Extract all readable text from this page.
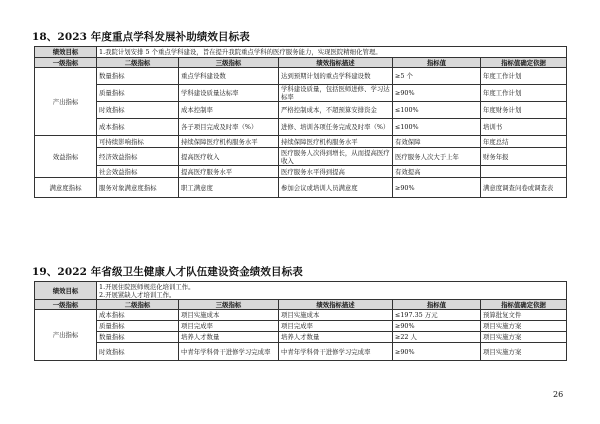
18、2023 年度重点学科发展补助绩效目标表
绩效目标	1.我院计划安排 5 个重点学科建设，旨在提升我院重点学科的医疗服务能力，实现医院精细化管理。				
一级指标	二级指标	三级指标	绩效指标描述	指标值	指标值确定依据
产出指标	数量指标	重点学科建设数	达到预期计划的重点学科建设数	≥5 个	年度工作计划
	质量指标	学科建设质量达标率	学科建设质量，包括医师进修、学习达标率	≥90%	年度工作计划
	时效指标	成本控制率	严格控制成本，不超预算安排资金	≤100%	年度财务计划
	成本指标	各子项目完成及时率（%）	进修、培训各项任务完成及时率（%）	≤100%	培训书
效益指标	可持续影响指标	持续保障医疗机构服务水平	持续保障医疗机构服务水平	有效保障	年度总结
	经济效益指标	提高医疗收入	医疗服务人次得到增长，从而提高医疗收入	医疗服务人次大于上年	财务年报
	社会效益指标	提高医疗服务水平	医疗服务水平得到提高	有效提高	
满意度指标	服务对象满意度指标	职工满意度	参加会议或培训人员满意度	≥90%	满意度调查问卷或调查表
19、2022 年省级卫生健康人才队伍建设资金绩效目标表
绩效目标	1.开展住院医师规范化培训工作。
2.开展紧缺人才培训工作。				

一级指标	二级指标	三级指标	绩效指标描述	指标值	指标值确定依据
产出指标	成本指标	项目实施成本	项目实施成本	≤197.35 万元	预算批复文件
	质量指标	项目完成率	项目完成率	≥90%	项目实施方案
	数量指标	培养人才数量	培养人才数量	≥22 人	项目实施方案
	时效指标	中青年学科骨干进修学习完成率	中青年学科骨干进修学习完成率	≥90%	项目实施方案
26
